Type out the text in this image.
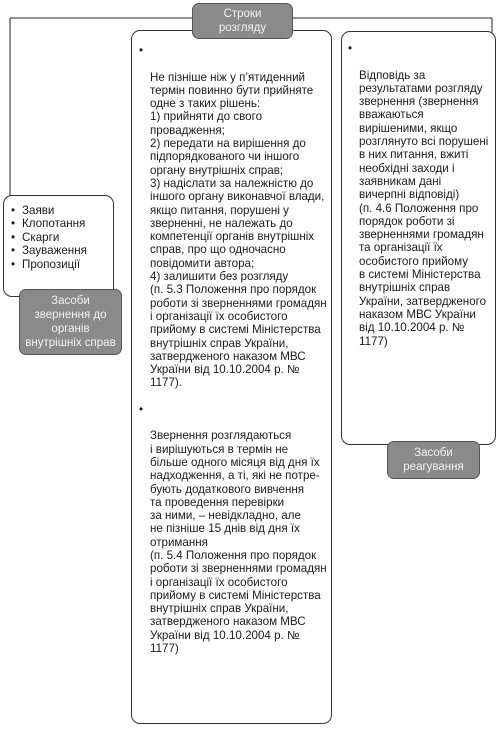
• Заяви
• Клопотання
• Скарги
• Зауваження
• Пропозиції
Засоби звернення до органів внутрішніх справ

•

Не пізніше ніж у п’ятиденний термін повинно бути прийняте одне з таких рішень:
1) прийняти до свого провадження;
2) передати на вирішення до підпорядкованого чи іншого органу внутрішніх справ;
3) надіслати за належністю до іншого органу виконавчої влади, якщо питання, порушені у зверненні, не належать до компетенції органів внутрішніх справ, про що одночасно повідомити автора;
4) залишити без розгляду
(п. 5.3 Положення про порядок роботи зі зверненнями громадян
і організації їх особистого прийому в системі Міністерства внутрішніх справ України, затвердженого наказом МВС України від 10.10.2004 р. № 1177).

•

Звернення розглядаються
і вирішуються в термін не більше одного місяця від дня їх надходження, а ті, які не потре-
бують додаткового вивчення
та проведення перевірки
за ними, – невідкладно, але
не пізніше 15 днів від дня їх отримання
(п. 5.4 Положення про порядок роботи зі зверненнями громадян
і організації їх особистого прийому в системі Міністерства внутрішніх справ України, затвердженого наказом МВС України від 10.10.2004 р. № 1177)

Строки розгляду

•

Відповідь за результатами розгляду звернення (звернення вважаються вирішеними, якщо розглянуто всі порушені в них питання, вжиті необхідні заходи і заявникам дані вичерпні відповіді)
(п. 4.6 Положення про порядок роботи зі зверненнями громадян та організації їх особистого прийому
в системі Міністерства внутрішніх справ України, затвердженого наказом МВС України від 10.10.2004 р. № 1177)

Засоби реагування
